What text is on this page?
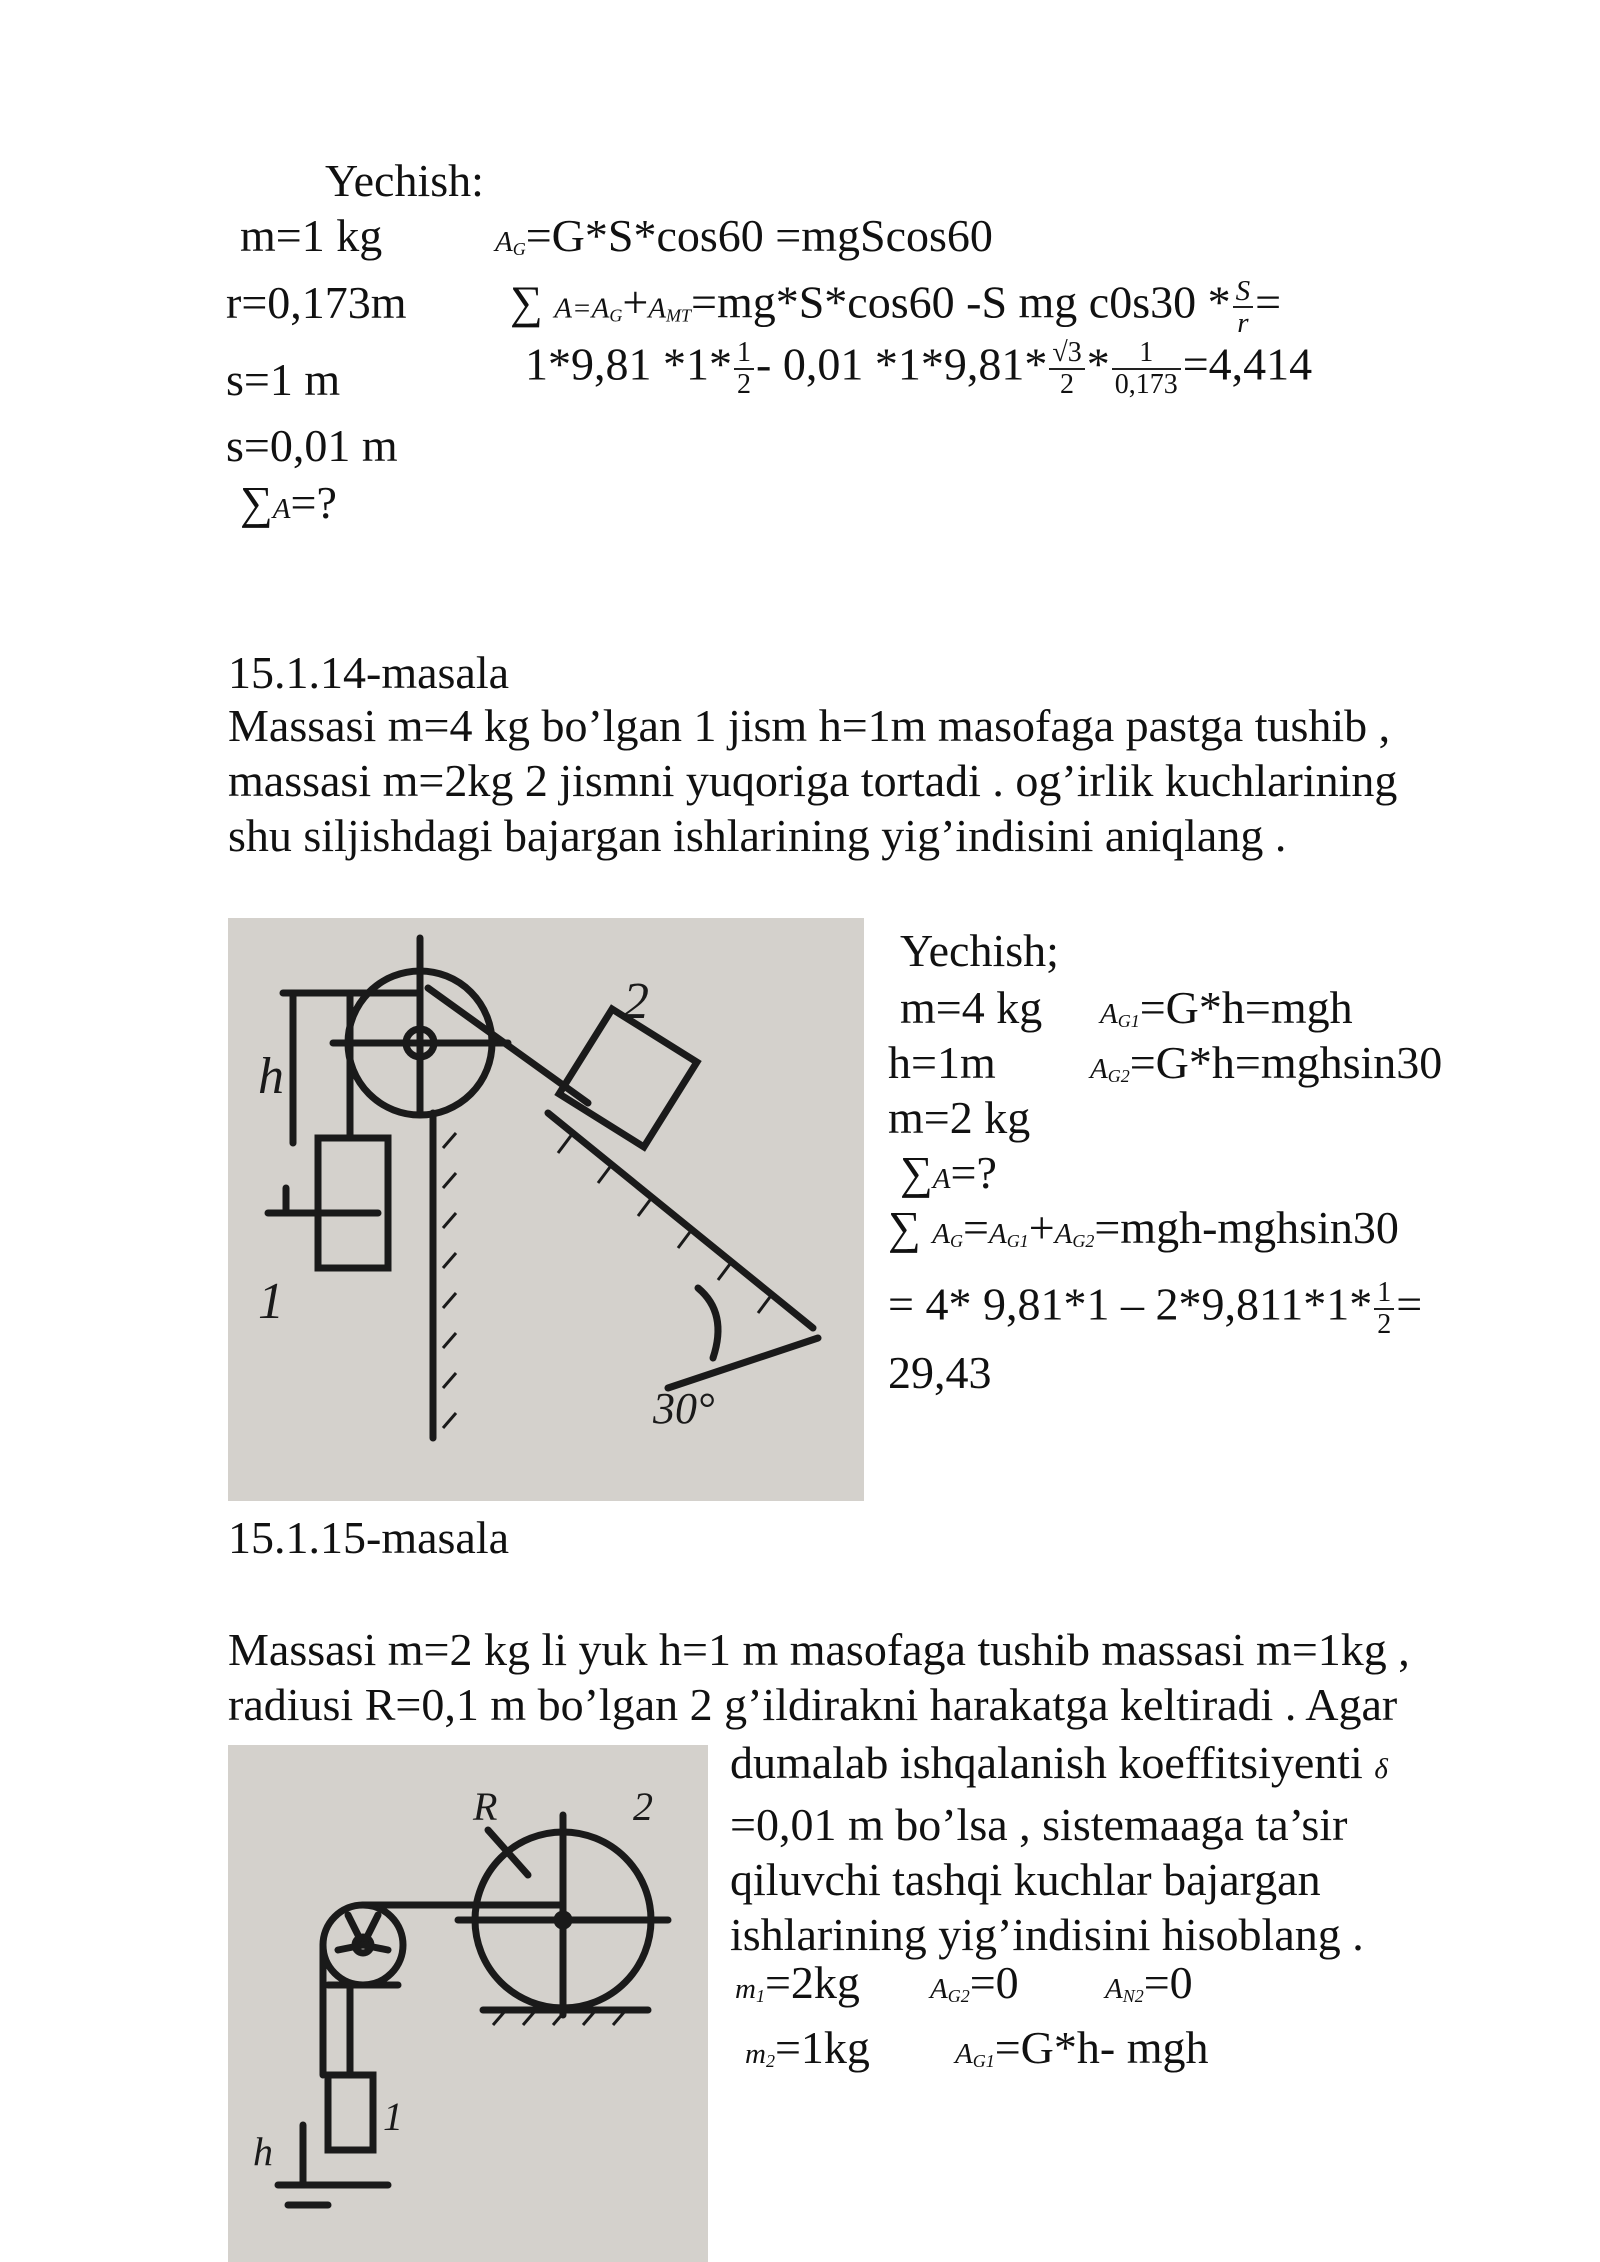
Yechish:
m=1 kg
r=0,173m
s=1 m
s=0,01 m
∑A=?
$A_G=G*S*\cos 60 =mgScos60$
∑ $A=A_G+A_{MT}=mg*S*\cos 60$ -S mg $c0s30 * \frac{S}{r}$ =
1*9,81 $*1* \frac{1}{2} - 0,01$ $*1*9,81* \frac{√3}{2} * \frac{1}{0,173} =4,414$
15.1.14-masala
Massasi m=4 kg bo’lgan 1 jism h=1m masofaga pastga tushib ,
massasi m=2kg 2 jismni yuqoriga tortadi . og’irlik kuchlarining
shu siljishdagi bajargan ishlarining yig’indisini aniqlang .
h
1
2
30°
Yechish;
m=4 kg
h=1m
m=2 kg
∑A=?
$A_{G1}=G*h=mgh$
$A_{G2}=G*h=mghsin30$
∑ $A_G=A_{G1}+A_{G2}=mgh-mghsin30$
= 4* $9,81*1 - 2*9,811*1* \frac{1}{2}$ =
29,43
15.1.15-masala
Massasi m=2 kg li yuk h=1 m masofaga tushib massasi m=1kg ,
radiusi R=0,1 m bo’lgan 2 g’ildirakni harakatga keltiradi . Agar
R	2
1
h
dumalab ishqalanish koeffitsiyenti δ
=0,01 m bo’lsa , sistemaaga ta’sir
qiluvchi tashqi kuchlar bajargan
ishlarining yig’indisini hisoblang .
$m_1=2kg$ $A_{G2}=0$	$A_{N2}=0$
$m_2=1kg$	$A_{G1}=G*h-$ mgh
